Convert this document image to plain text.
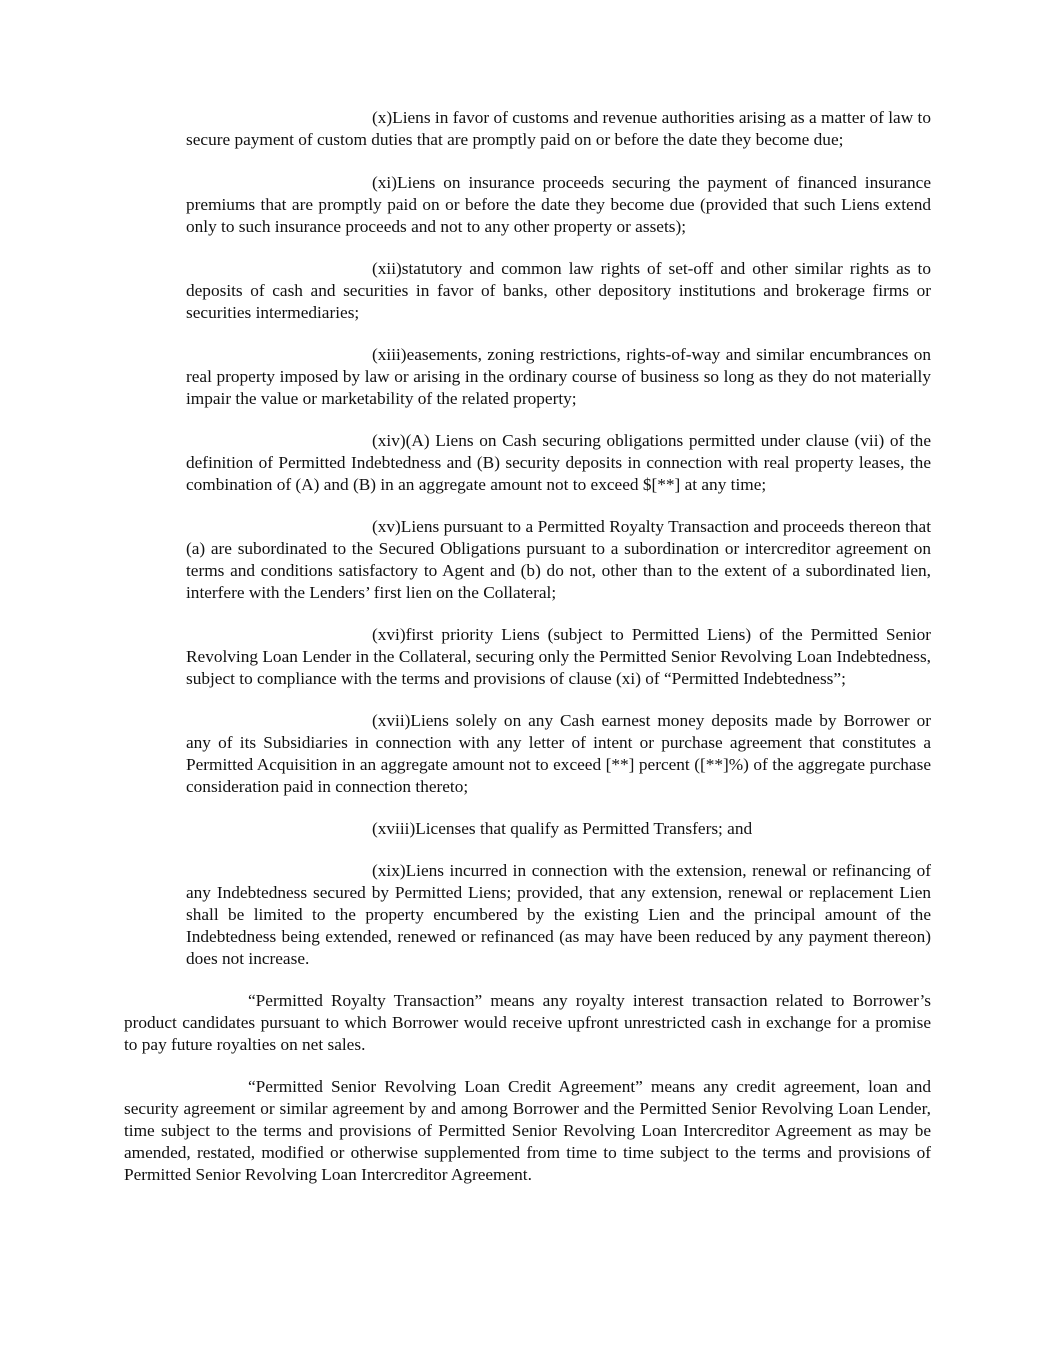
(x)Liens in favor of customs and revenue authorities arising as a matter of law to secure payment of custom duties that are promptly paid on or before the date they become due;

(xi)Liens on insurance proceeds securing the payment of financed insurance premiums that are promptly paid on or before the date they become due (provided that such Liens extend only to such insurance proceeds and not to any other property or assets);

(xii)statutory and common law rights of set-off and other similar rights as to deposits of cash and securities in favor of banks, other depository institutions and brokerage firms or securities intermediaries;

(xiii)easements, zoning restrictions, rights-of-way and similar encumbrances on real property imposed by law or arising in the ordinary course of business so long as they do not materially impair the value or marketability of the related property;

(xiv)(A) Liens on Cash securing obligations permitted under clause (vii) of the definition of Permitted Indebtedness and (B) security deposits in connection with real property leases, the combination of (A) and (B) in an aggregate amount not to exceed $[**] at any time;

(xv)Liens pursuant to a Permitted Royalty Transaction and proceeds thereon that (a) are subordinated to the Secured Obligations pursuant to a subordination or intercreditor agreement on terms and conditions satisfactory to Agent and (b) do not, other than to the extent of a subordinated lien, interfere with the Lenders’ first lien on the Collateral;

(xvi)first priority Liens (subject to Permitted Liens) of the Permitted Senior Revolving Loan Lender in the Collateral, securing only the Permitted Senior Revolving Loan Indebtedness, subject to compliance with the terms and provisions of clause (xi) of “Permitted Indebtedness”;

(xvii)Liens solely on any Cash earnest money deposits made by Borrower or any of its Subsidiaries in connection with any letter of intent or purchase agreement that constitutes a Permitted Acquisition in an aggregate amount not to exceed [**] percent ([**]%) of the aggregate purchase consideration paid in connection thereto;

(xviii)Licenses that qualify as Permitted Transfers; and

(xix)Liens incurred in connection with the extension, renewal or refinancing of any Indebtedness secured by Permitted Liens; provided, that any extension, renewal or replacement Lien shall be limited to the property encumbered by the existing Lien and the principal amount of the Indebtedness being extended, renewed or refinanced (as may have been reduced by any payment thereon) does not increase.

“Permitted Royalty Transaction” means any royalty interest transaction related to Borrower’s product candidates pursuant to which Borrower would receive upfront unrestricted cash in exchange for a promise to pay future royalties on net sales.

“Permitted Senior Revolving Loan Credit Agreement” means any credit agreement, loan and security agreement or similar agreement by and among Borrower and the Permitted Senior Revolving Loan Lender, time subject to the terms and provisions of Permitted Senior Revolving Loan Intercreditor Agreement as may be amended, restated, modified or otherwise supplemented from time to time subject to the terms and provisions of Permitted Senior Revolving Loan Intercreditor Agreement.
